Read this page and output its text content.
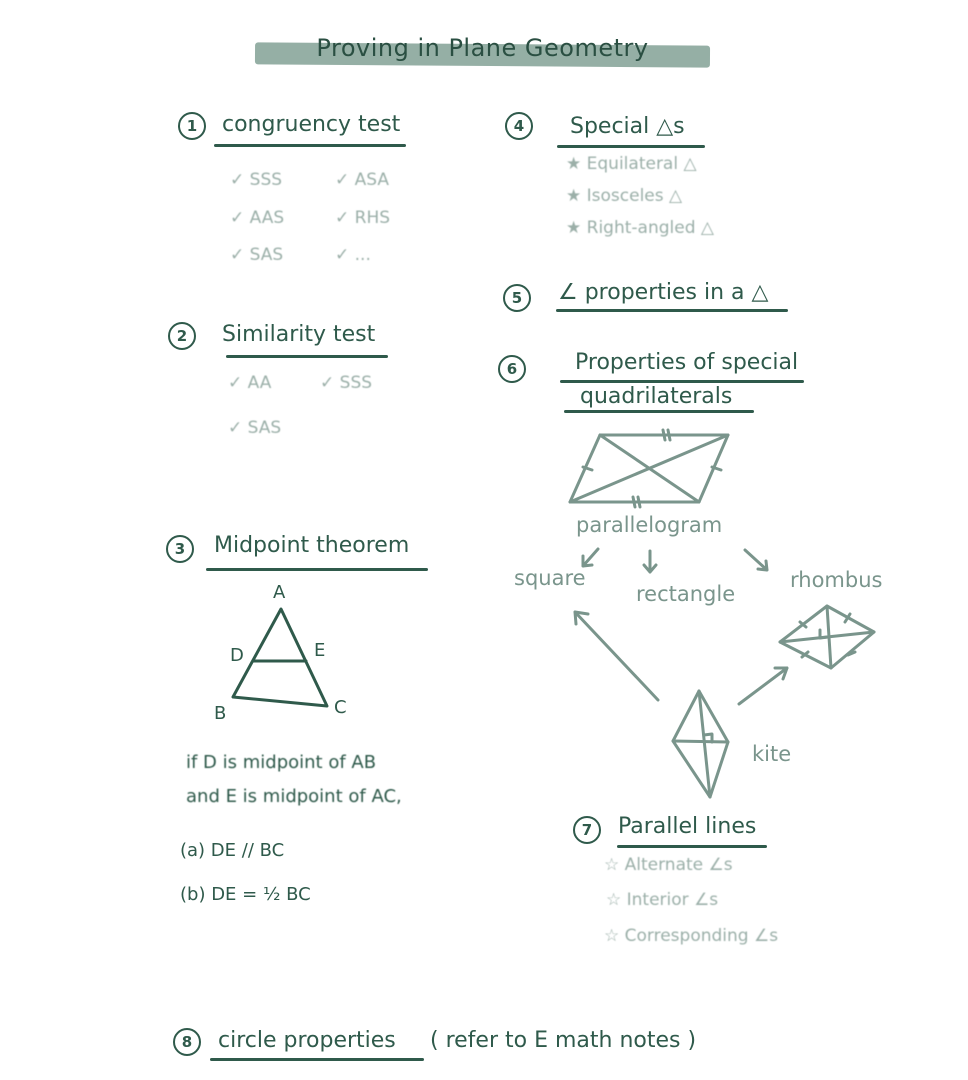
Proving in Plane Geometry
1	congruency test
✓ SSS	✓ ASA
✓ AAS	✓ RHS
✓ SAS	✓ ...
2	Similarity test
✓ AA	✓ SSS
✓ SAS
3	Midpoint theorem
A
D	E
B	C
if D is midpoint of AB
and E is midpoint of AC,
(a) DE // BC
(b) DE = ½ BC
4	Special △s
★ Equilateral △
★ Isosceles △
★ Right-angled △
5	∠ properties in a △
6	Properties of special
quadrilaterals
parallelogram
square
rectangle
rhombus
kite
7	Parallel lines
☆ Alternate ∠s
☆ Interior ∠s
☆ Corresponding ∠s
8	circle properties ( refer to E math notes )
